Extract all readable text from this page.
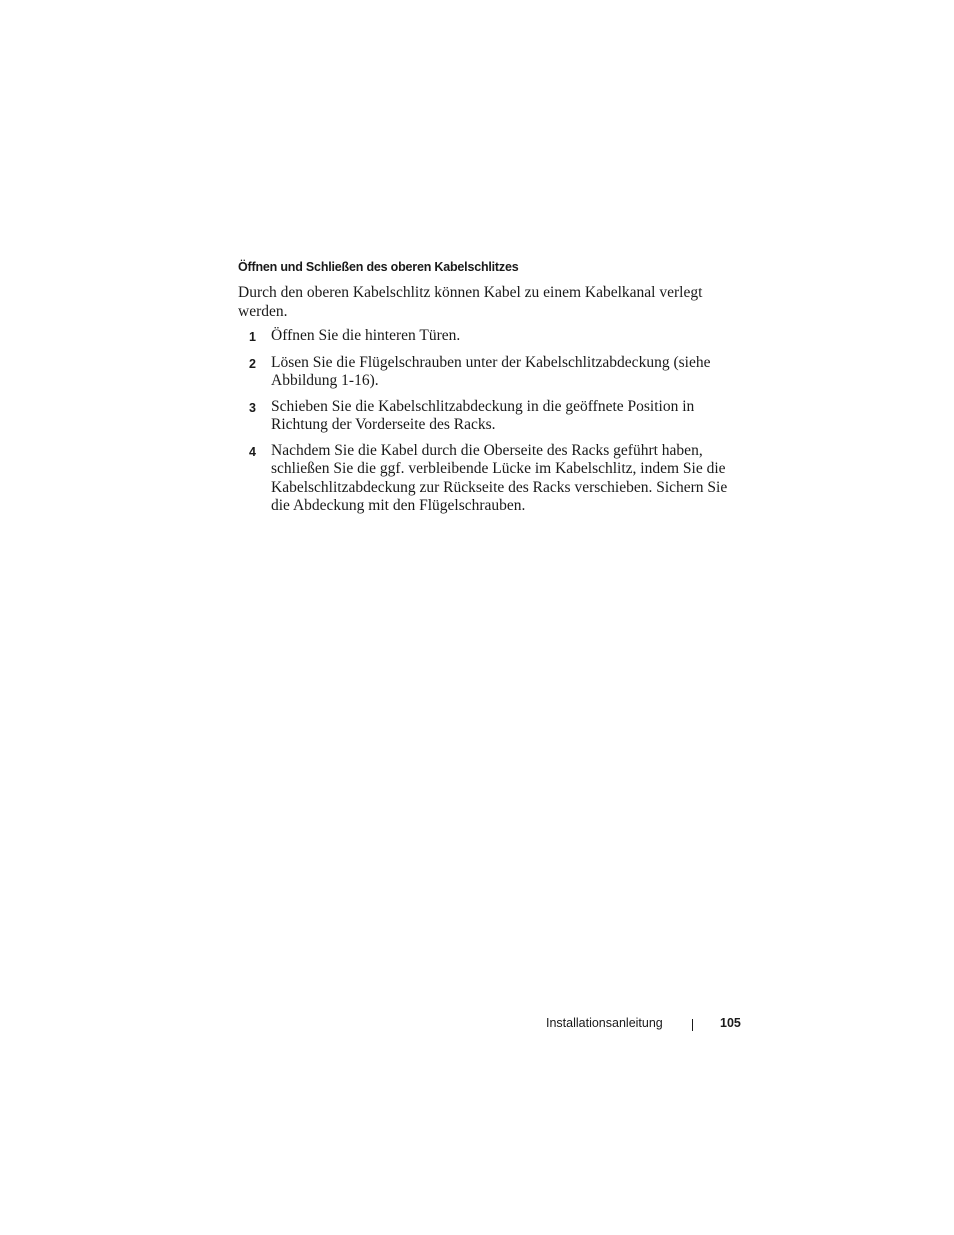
Öffnen und Schließen des oberen Kabelschlitzes
Durch den oberen Kabelschlitz können Kabel zu einem Kabelkanal verlegt werden.
1 Öffnen Sie die hinteren Türen.
2 Lösen Sie die Flügelschrauben unter der Kabelschlitzabdeckung (siehe Abbildung 1-16).
3 Schieben Sie die Kabelschlitzabdeckung in die geöffnete Position in Richtung der Vorderseite des Racks.
4 Nachdem Sie die Kabel durch die Oberseite des Racks geführt haben, schließen Sie die ggf. verbleibende Lücke im Kabelschlitz, indem Sie die Kabelschlitzabdeckung zur Rückseite des Racks verschieben. Sichern Sie die Abdeckung mit den Flügelschrauben.
Installationsanleitung	105
